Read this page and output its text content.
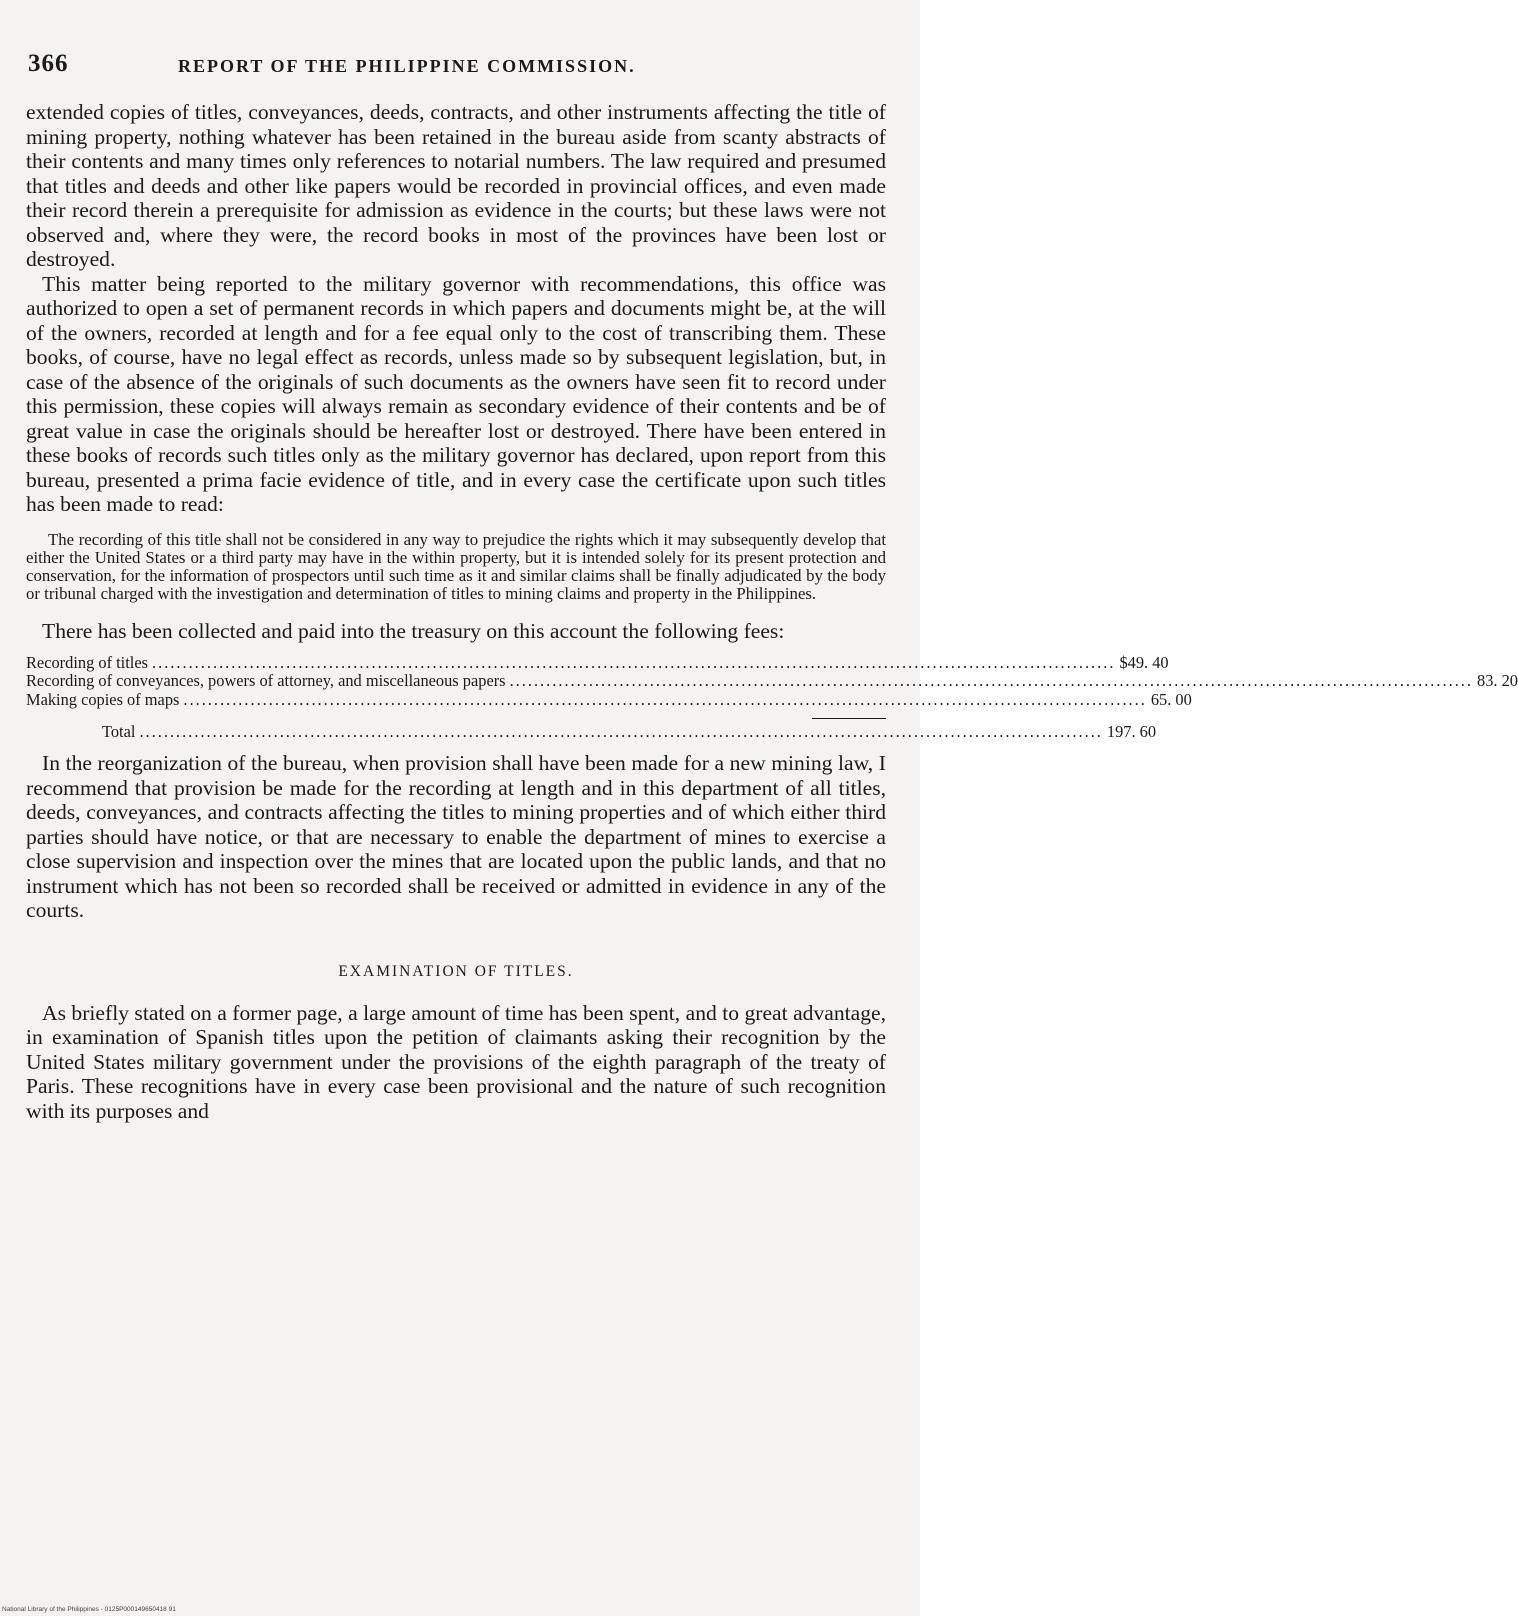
366	REPORT OF THE PHILIPPINE COMMISSION.

extended copies of titles, conveyances, deeds, contracts, and other instruments affecting the title of mining property, nothing whatever has been retained in the bureau aside from scanty abstracts of their contents and many times only references to notarial numbers. The law required and presumed that titles and deeds and other like papers would be recorded in provincial offices, and even made their record therein a prerequisite for admission as evidence in the courts; but these laws were not observed and, where they were, the record books in most of the provinces have been lost or destroyed.

This matter being reported to the military governor with recommendations, this office was authorized to open a set of permanent records in which papers and documents might be, at the will of the owners, recorded at length and for a fee equal only to the cost of transcribing them. These books, of course, have no legal effect as records, unless made so by subsequent legislation, but, in case of the absence of the originals of such documents as the owners have seen fit to record under this permission, these copies will always remain as secondary evidence of their contents and be of great value in case the originals should be hereafter lost or destroyed. There have been entered in these books of records such titles only as the military governor has declared, upon report from this bureau, presented a prima facie evidence of title, and in every case the certificate upon such titles has been made to read:

The recording of this title shall not be considered in any way to prejudice the rights which it may subsequently develop that either the United States or a third party may have in the within property, but it is intended solely for its present protection and conservation, for the information of prospectors until such time as it and similar claims shall be finally adjudicated by the body or tribunal charged with the investigation and determination of titles to mining claims and property in the Philippines.

There has been collected and paid into the treasury on this account the following fees:

Recording of titles .............................................................................................................................................................. $49. 40
Recording of conveyances, powers of attorney, and miscellaneous papers .............................................................................................................................................................. 83. 20
Making copies of maps .............................................................................................................................................................. 65. 00
Total .............................................................................................................................................................. 197. 60

In the reorganization of the bureau, when provision shall have been made for a new mining law, I recommend that provision be made for the recording at length and in this department of all titles, deeds, conveyances, and contracts affecting the titles to mining properties and of which either third parties should have notice, or that are necessary to enable the department of mines to exercise a close supervision and inspection over the mines that are located upon the public lands, and that no instrument which has not been so recorded shall be received or admitted in evidence in any of the courts.

EXAMINATION OF TITLES.

As briefly stated on a former page, a large amount of time has been spent, and to great advantage, in examination of Spanish titles upon the petition of claimants asking their recognition by the United States military government under the provisions of the eighth paragraph of the treaty of Paris. These recognitions have in every case been provisional and the nature of such recognition with its purposes and

National Library of the Philippines · 0125P000149650418 91
